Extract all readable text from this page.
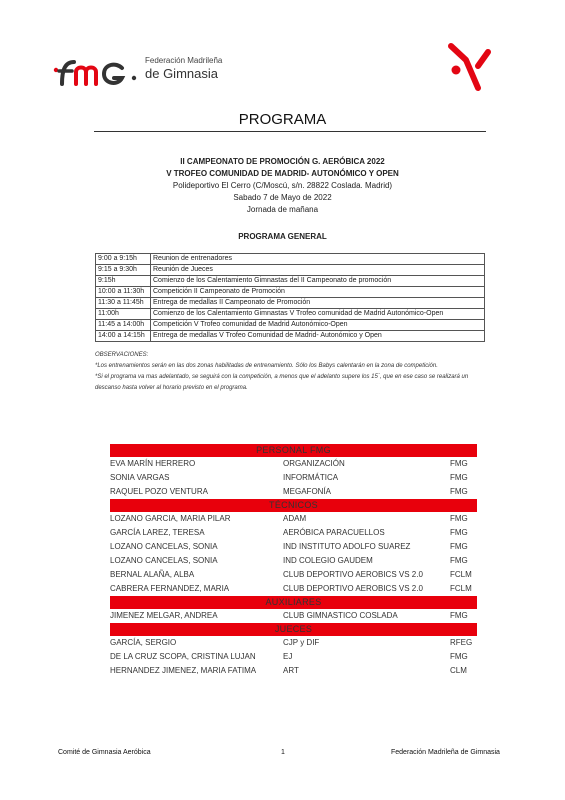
Federación Madrileña
de Gimnasia
PROGRAMA
II CAMPEONATO DE PROMOCIÓN G. AERÓBICA 2022
V TROFEO COMUNIDAD DE MADRID- AUTONÓMICO Y OPEN
Polideportivo El Cerro (C/Moscú, s/n. 28822 Coslada. Madrid)
Sabado 7 de Mayo de 2022
Jornada de mañana
PROGRAMA GENERAL
9:00 a 9:15h	Reunion de entrenadores
9:15 a 9:30h	Reunión de Jueces
9:15h	Comienzo de los Calentamiento Gimnastas del II Campeonato de promoción
10:00 a 11:30h	Competición II Campeonato de Promoción
11:30 a 11:45h	Entrega de medallas II Campeonato de Promoción
11:00h	Comienzo de los Calentamiento Gimnastas V Trofeo comunidad de Madrid Autonómico-Open
11:45 a 14:00h	Competición V Trofeo comunidad de Madrid Autonómico-Open
14:00 a 14:15h	Entrega de medallas V Trofeo Comunidad de Madrid- Autonómico y Open
OBSERVACIONES:
*Los entrenamientos serán en las dos zonas habilitadas de entrenamiento. Sólo los Babys calentarán en la zona de competición.
*Si el programa va mas adelantado, se seguirá con la competición, a menos que el adelanto supere los 15´, que en ese caso se realizará un
descanso hasta volver al horario previsto en el programa.
PERSONAL FMG
EVA MARÍN HERRERO	ORGANIZACIÓN	FMG
SONIA VARGAS	INFORMÁTICA	FMG
RAQUEL POZO VENTURA	MEGAFONÍA	FMG
TÉCNICOS
LOZANO GARCIA, MARIA PILAR	ADAM	FMG
GARCÍA LAREZ, TERESA	AERÓBICA PARACUELLOS	FMG
LOZANO CANCELAS, SONIA	IND INSTITUTO ADOLFO SUAREZ	FMG
LOZANO CANCELAS, SONIA	IND COLEGIO GAUDEM	FMG
BERNAL ALAÑA, ALBA	CLUB DEPORTIVO AEROBICS VS 2.0	FCLM
CABRERA FERNANDEZ, MARIA	CLUB DEPORTIVO AEROBICS VS 2.0	FCLM
AUXILIARES
JIMENEZ MELGAR, ANDREA	CLUB GIMNASTICO COSLADA	FMG
JUECES
GARCÍA, SERGIO	CJP y DIF	RFEG
DE LA CRUZ SCOPA, CRISTINA LUJAN	EJ	FMG
HERNANDEZ JIMENEZ, MARIA FATIMA	ART	CLM
Comité de Gimnasia Aeróbica	1	Federación Madrileña de Gimnasia
